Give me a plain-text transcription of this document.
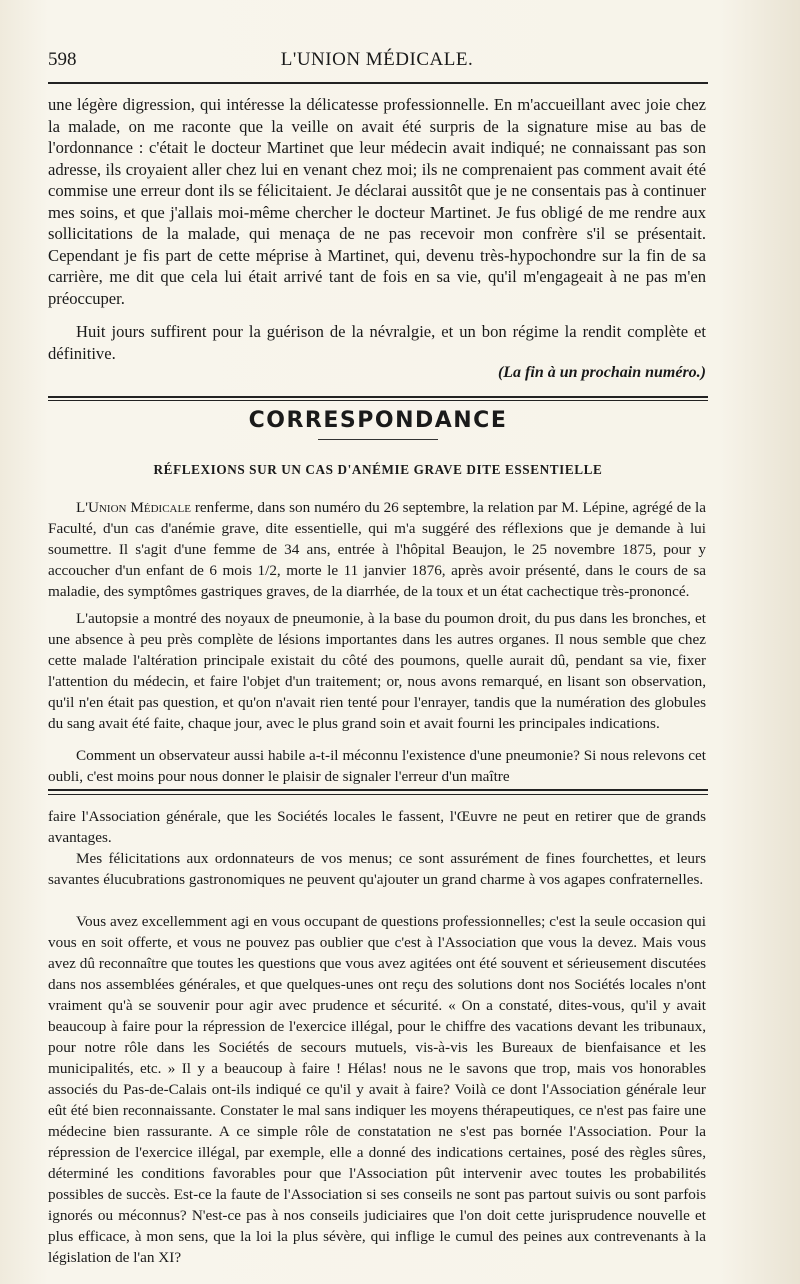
598	L'UNION MÉDICALE.

une légère digression, qui intéresse la délicatesse professionnelle. En m'accueillant avec joie chez la malade, on me raconte que la veille on avait été surpris de la signature mise au bas de l'ordonnance : c'était le docteur Martinet que leur médecin avait indiqué; ne connaissant pas son adresse, ils croyaient aller chez lui en venant chez moi; ils ne comprenaient pas comment avait été commise une erreur dont ils se félicitaient. Je déclarai aussitôt que je ne consentais pas à continuer mes soins, et que j'allais moi-même chercher le docteur Martinet. Je fus obligé de me rendre aux sollicitations de la malade, qui menaça de ne pas recevoir mon confrère s'il se présentait. Cependant je fis part de cette méprise à Martinet, qui, devenu très-hypochondre sur la fin de sa carrière, me dit que cela lui était arrivé tant de fois en sa vie, qu'il m'engageait à ne pas m'en préoccuper.

Huit jours suffirent pour la guérison de la névralgie, et un bon régime la rendit complète et définitive.

(La fin à un prochain numéro.)
CORRESPONDANCE
RÉFLEXIONS SUR UN CAS D'ANÉMIE GRAVE DITE ESSENTIELLE

L'Union Médicale renferme, dans son numéro du 26 septembre, la relation par M. Lépine, agrégé de la Faculté, d'un cas d'anémie grave, dite essentielle, qui m'a suggéré des réflexions que je demande à lui soumettre. Il s'agit d'une femme de 34 ans, entrée à l'hôpital Beaujon, le 25 novembre 1875, pour y accoucher d'un enfant de 6 mois 1/2, morte le 11 janvier 1876, après avoir présenté, dans le cours de sa maladie, des symptômes gastriques graves, de la diarrhée, de la toux et un état cachectique très-prononcé.

L'autopsie a montré des noyaux de pneumonie, à la base du poumon droit, du pus dans les bronches, et une absence à peu près complète de lésions importantes dans les autres organes. Il nous semble que chez cette malade l'altération principale existait du côté des poumons, quelle aurait dû, pendant sa vie, fixer l'attention du médecin, et faire l'objet d'un traitement; or, nous avons remarqué, en lisant son observation, qu'il n'en était pas question, et qu'on n'avait rien tenté pour l'enrayer, tandis que la numération des globules du sang avait été faite, chaque jour, avec le plus grand soin et avait fourni les principales indications.

Comment un observateur aussi habile a-t-il méconnu l'existence d'une pneumonie? Si nous relevons cet oubli, c'est moins pour nous donner le plaisir de signaler l'erreur d'un maître

faire l'Association générale, que les Sociétés locales le fassent, l'Œuvre ne peut en retirer que de grands avantages.

Mes félicitations aux ordonnateurs de vos menus; ce sont assurément de fines fourchettes, et leurs savantes élucubrations gastronomiques ne peuvent qu'ajouter un grand charme à vos agapes confraternelles.

Vous avez excellemment agi en vous occupant de questions professionnelles; c'est la seule occasion qui vous en soit offerte, et vous ne pouvez pas oublier que c'est à l'Association que vous la devez. Mais vous avez dû reconnaître que toutes les questions que vous avez agitées ont été souvent et sérieusement discutées dans nos assemblées générales, et que quelques-unes ont reçu des solutions dont nos Sociétés locales n'ont vraiment qu'à se souvenir pour agir avec prudence et sécurité. « On a constaté, dites-vous, qu'il y avait beaucoup à faire pour la répression de l'exercice illégal, pour le chiffre des vacations devant les tribunaux, pour notre rôle dans les Sociétés de secours mutuels, vis-à-vis les Bureaux de bienfaisance et les municipalités, etc. » Il y a beaucoup à faire ! Hélas! nous ne le savons que trop, mais vos honorables associés du Pas-de-Calais ont-ils indiqué ce qu'il y avait à faire? Voilà ce dont l'Association générale leur eût été bien reconnaissante. Constater le mal sans indiquer les moyens thérapeutiques, ce n'est pas faire une médecine bien rassurante. A ce simple rôle de constatation ne s'est pas bornée l'Association. Pour la répression de l'exercice illégal, par exemple, elle a donné des indications certaines, posé des règles sûres, déterminé les conditions favorables pour que l'Association pût intervenir avec toutes les probabilités possibles de succès. Est-ce la faute de l'Association si ses conseils ne sont pas partout suivis ou sont parfois ignorés ou méconnus? N'est-ce pas à nos conseils judiciaires que l'on doit cette jurisprudence nouvelle et plus efficace, à mon sens, que la loi la plus sévère, qui inflige le cumul des peines aux contrevenants à la législation de l'an XI?
